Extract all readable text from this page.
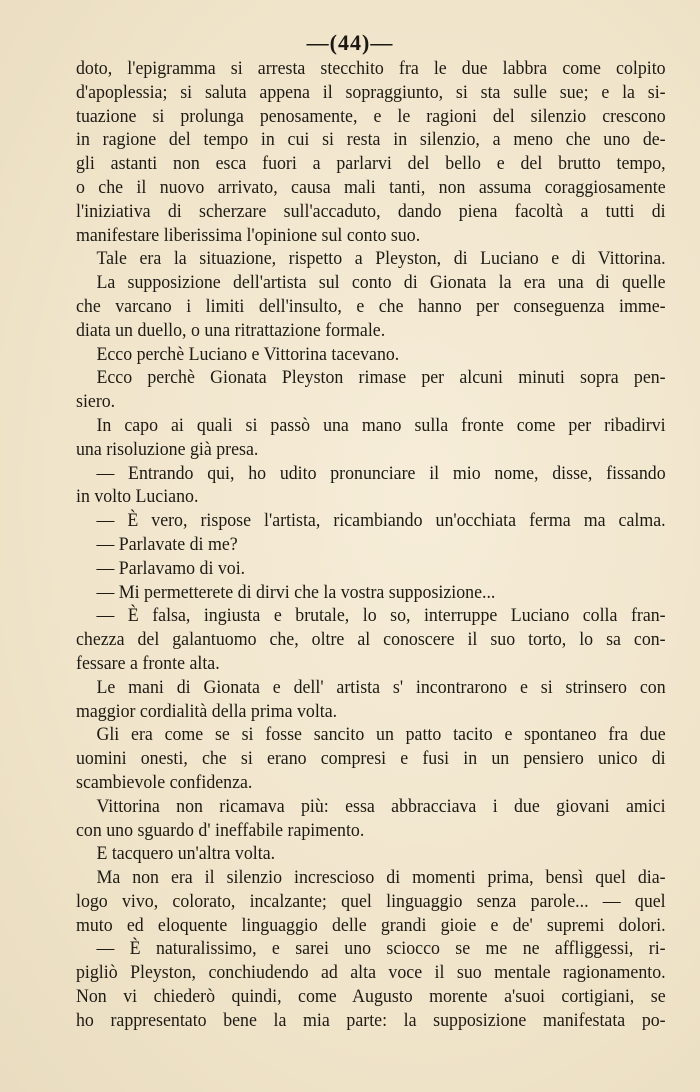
—(44)—
doto, l'epigramma si arresta stecchito fra le due labbra come colpito
d'apoplessia; si saluta appena il sopraggiunto, si sta sulle sue; e la si-
tuazione si prolunga penosamente, e le ragioni del silenzio crescono
in ragione del tempo in cui si resta in silenzio, a meno che uno de-
gli astanti non esca fuori a parlarvi del bello e del brutto tempo,
o che il nuovo arrivato, causa mali tanti, non assuma coraggiosamente
l'iniziativa di scherzare sull'accaduto, dando piena facoltà a tutti di
manifestare liberissima l'opinione sul conto suo.
Tale era la situazione, rispetto a Pleyston, di Luciano e di Vittorina.
La supposizione dell'artista sul conto di Gionata la era una di quelle
che varcano i limiti dell'insulto, e che hanno per conseguenza imme-
diata un duello, o una ritrattazione formale.
Ecco perchè Luciano e Vittorina tacevano.
Ecco perchè Gionata Pleyston rimase per alcuni minuti sopra pen-
siero.
In capo ai quali si passò una mano sulla fronte come per ribadirvi
una risoluzione già presa.
— Entrando qui, ho udito pronunciare il mio nome, disse, fissando
in volto Luciano.
— È vero, rispose l'artista, ricambiando un'occhiata ferma ma calma.
— Parlavate di me?
— Parlavamo di voi.
— Mi permetterete di dirvi che la vostra supposizione...
— È falsa, ingiusta e brutale, lo so, interruppe Luciano colla fran-
chezza del galantuomo che, oltre al conoscere il suo torto, lo sa con-
fessare a fronte alta.
Le mani di Gionata e dell' artista s' incontrarono e si strinsero con
maggior cordialità della prima volta.
Gli era come se si fosse sancito un patto tacito e spontaneo fra due
uomini onesti, che si erano compresi e fusi in un pensiero unico di
scambievole confidenza.
Vittorina non ricamava più: essa abbracciava i due giovani amici
con uno sguardo d' ineffabile rapimento.
E tacquero un'altra volta.
Ma non era il silenzio increscioso di momenti prima, bensì quel dia-
logo vivo, colorato, incalzante; quel linguaggio senza parole... — quel
muto ed eloquente linguaggio delle grandi gioie e de' supremi dolori.
— È naturalissimo, e sarei uno sciocco se me ne affliggessi, ri-
pigliò Pleyston, conchiudendo ad alta voce il suo mentale ragionamento.
Non vi chiederò quindi, come Augusto morente a'suoi cortigiani, se
ho rappresentato bene la mia parte: la supposizione manifestata po-
